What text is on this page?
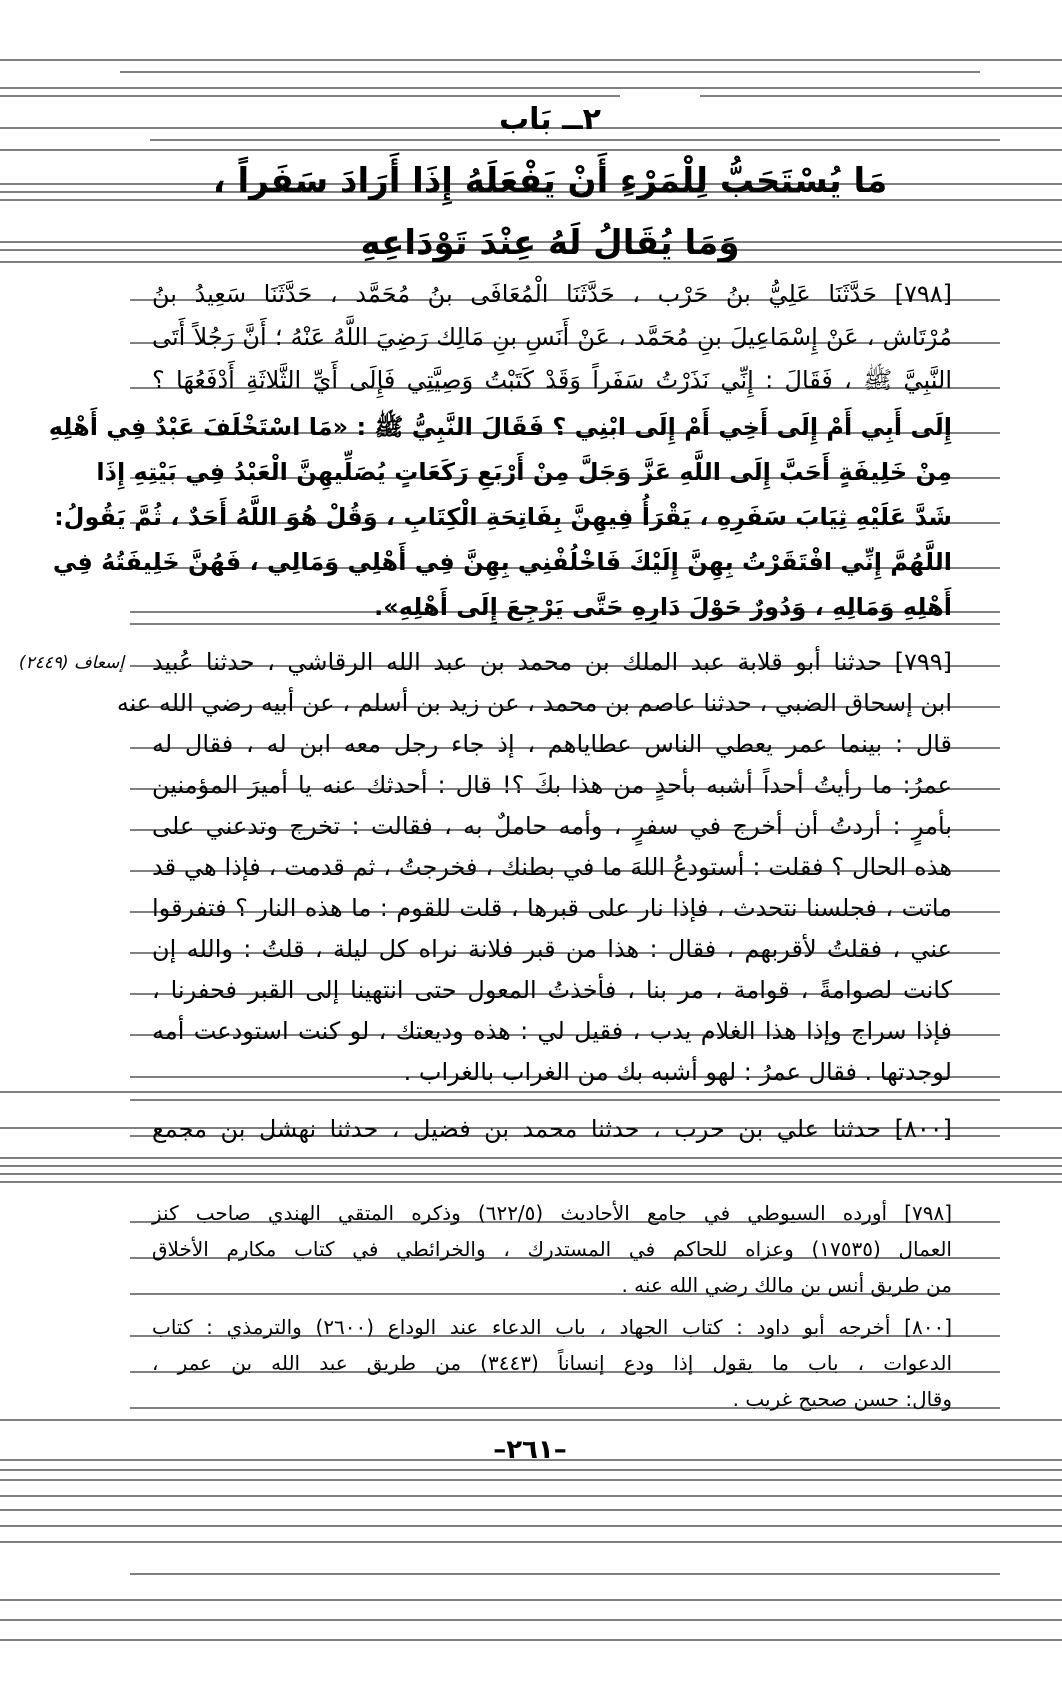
٢ــ بَاب
مَا يُسْتَحَبُّ لِلْمَرْءِ أَنْ يَفْعَلَهُ إِذَا أَرَادَ سَفَراً ،
وَمَا يُقَالُ لَهُ عِنْدَ تَوْدَاعِهِ
[٧٩٨] حَدَّثَنَا عَلِيُّ بنُ حَرْب ، حَدَّثَنَا الْمُعَافَى بنُ مُحَمَّد ، حَدَّثَنَا سَعِيدُ بنُ
مُرْتَاش ، عَنْ إِسْمَاعِيلَ بنِ مُحَمَّد ، عَنْ أَنَسِ بنِ مَالِك رَضِيَ اللَّهُ عَنْهُ ؛ أَنَّ رَجُلاً أَتَى
النَّبِيَّ ﷺ ، فَقَالَ : إِنِّي نَذَرْتُ سَفَراً وَقَدْ كَتَبْتُ وَصِيَّتِي فَإِلَى أَيِّ الثَّلاثَةِ أَدْفَعُهَا ؟
إِلَى أَبِي أَمْ إِلَى أَخِي أَمْ إِلَى ابْنِي ؟ فَقَالَ النَّبِيُّ ﷺ : «مَا اسْتَخْلَفَ عَبْدٌ فِي أَهْلِهِ
مِنْ خَلِيفَةٍ أَحَبَّ إِلَى اللَّهِ عَزَّ وَجَلَّ مِنْ أَرْبَعِ رَكَعَاتٍ يُصَلِّيهِنَّ الْعَبْدُ فِي بَيْتِهِ إِذَا
شَدَّ عَلَيْهِ ثِيَابَ سَفَرِهِ ، يَقْرَأُ فِيهِنَّ بِفَاتِحَةِ الْكِتَابِ ، وَقُلْ هُوَ اللَّهُ أَحَدٌ ، ثُمَّ يَقُولُ:
اللَّهُمَّ إِنِّي افْتَقَرْتُ بِهِنَّ إِلَيْكَ فَاخْلُفْنِي بِهِنَّ فِي أَهْلِي وَمَالِي ، فَهُنَّ خَلِيفَتُهُ فِي
أَهْلِهِ وَمَالِهِ ، وَدُورٌ حَوْلَ دَارِهِ حَتَّى يَرْجِعَ إِلَى أَهْلِهِ».
إسعاف (٢٤٤٩) [٧٩٩] حدثنا أبو قلابة عبد الملك بن محمد بن عبد الله الرقاشي ، حدثنا عُبيد
ابن إسحاق الضبي ، حدثنا عاصم بن محمد ، عن زيد بن أسلم ، عن أبيه رضي الله عنه
قال : بينما عمر يعطي الناس عطاياهم ، إذ جاء رجل معه ابن له ، فقال له
عمرُ: ما رأيتُ أحداً أشبه بأحدٍ من هذا بكَ ؟! قال : أحدثك عنه يا أميرَ المؤمنين
بأمرٍ : أردتُ أن أخرج في سفرٍ ، وأمه حاملٌ به ، فقالت : تخرج وتدعني على
هذه الحال ؟ فقلت : أستودعُ اللهَ ما في بطنك ، فخرجتُ ، ثم قدمت ، فإذا هي قد
ماتت ، فجلسنا نتحدث ، فإذا نار على قبرها ، قلت للقوم : ما هذه النار ؟ فتفرقوا
عني ، فقلتُ لأقربهم ، فقال : هذا من قبر فلانة نراه كل ليلة ، قلتُ : والله إن
كانت لصوامةً ، قوامة ، مر بنا ، فأخذتُ المعول حتى انتهينا إلى القبر فحفرنا ،
فإذا سراج وإذا هذا الغلام يدب ، فقيل لي : هذه وديعتك ، لو كنت استودعت أمه
لوجدتها . فقال عمرُ : لهو أشبه بك من الغراب بالغراب .
[٨٠٠] حدثنا علي بن حرب ، حدثنا محمد بن فضيل ، حدثنا نهشل بن مجمع
[٧٩٨] أورده السيوطي في جامع الأحاديث (٦٢٢/٥) وذكره المتقي الهندي صاحب كنز
العمال (١٧٥٣٥) وعزاه للحاكم في المستدرك ، والخرائطي في كتاب مكارم الأخلاق
من طريق أنس بن مالك رضي الله عنه .
[٨٠٠] أخرجه أبو داود : كتاب الجهاد ، باب الدعاء عند الوداع (٢٦٠٠) والترمذي : كتاب
الدعوات ، باب ما يقول إذا ودع إنساناً (٣٤٤٣) من طريق عبد الله بن عمر ،
وقال: حسن صحيح غريب .
–٢٦١–
